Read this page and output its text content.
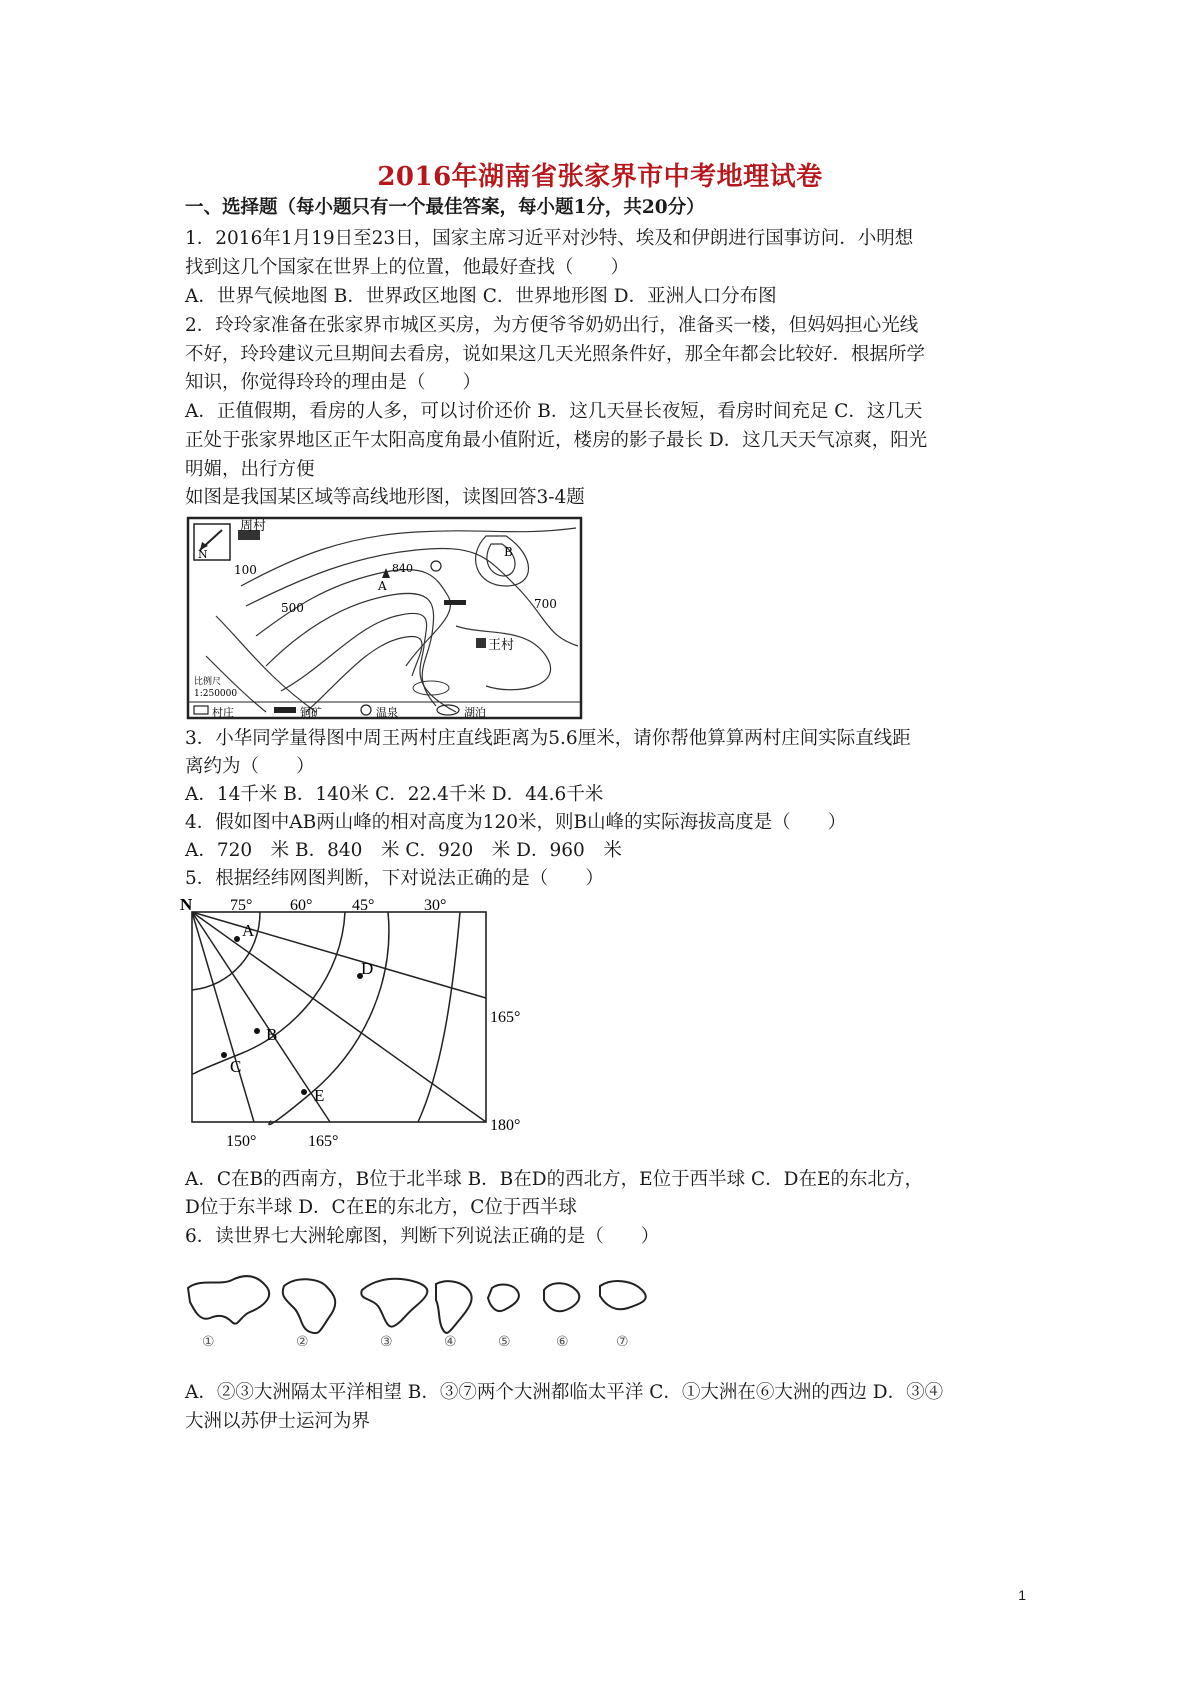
2016年湖南省张家界市中考地理试卷
一、选择题（每小题只有一个最佳答案，每小题1分，共20分）
1．2016年1月19日至23日，国家主席习近平对沙特、埃及和伊朗进行国事访问．小明想
找到这几个国家在世界上的位置，他最好查找（　　）
A．世界气候地图 B．世界政区地图 C．世界地形图 D．亚洲人口分布图
2．玲玲家准备在张家界市城区买房，为方便爷爷奶奶出行，准备买一楼，但妈妈担心光线
不好，玲玲建议元旦期间去看房，说如果这几天光照条件好，那全年都会比较好．根据所学
知识，你觉得玲玲的理由是（　　）
A．正值假期，看房的人多，可以讨价还价 B．这几天昼长夜短，看房时间充足 C．这几天
正处于张家界地区正午太阳高度角最小值附近，楼房的影子最长 D．这几天天气凉爽，阳光
明媚，出行方便
如图是我国某区域等高线地形图，读图回答3-4题
N
周村
100
500	700
A
840
B
王村
比例尺
1:250000
村庄	铜矿	温泉	湖泊
3．小华同学量得图中周王两村庄直线距离为5.6厘米，请你帮他算算两村庄间实际直线距
离约为（　　）
A．14千米 B．140米 C．22.4千米 D．44.6千米
4．假如图中AB两山峰的相对高度为120米，则B山峰的实际海拔高度是（　　）
A．720　米 B．840　米 C．920　米 D．960　米
5．根据经纬网图判断，下对说法正确的是（　　）
N 75° 60° 45°	30°
165°
180°
150°	165°
A
B
C
D
E
A．C在B的西南方，B位于北半球 B．B在D的西北方，E位于西半球 C．D在E的东北方，
D位于东半球 D．C在E的东北方，C位于西半球
6．读世界七大洲轮廓图，判断下列说法正确的是（　　）
①	②	③	④	⑤	⑥	⑦
A．②③大洲隔太平洋相望 B．③⑦两个大洲都临太平洋 C．①大洲在⑥大洲的西边 D．③④
大洲以苏伊士运河为界
1
